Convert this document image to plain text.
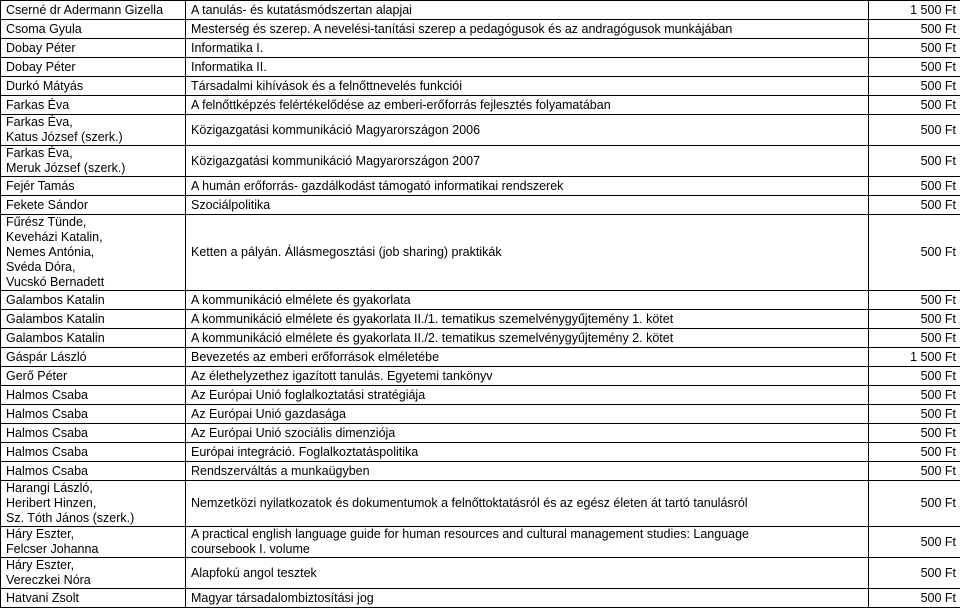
Cserné dr Adermann Gizella	A tanulás- és kutatásmódszertan alapjai	1 500 Ft
Csoma Gyula	Mesterség és szerep. A nevelési-tanítási szerep a pedagógusok és az andragógusok munkájában	500 Ft
Dobay Péter	Informatika I.	500 Ft
Dobay Péter	Informatika II.	500 Ft
Durkó Mátyás	Társadalmi kihívások és a felnőttnevelés funkciói	500 Ft
Farkas Éva	A felnőttképzés felértékelődése az emberi-erőforrás fejlesztés folyamatában	500 Ft
Farkas Éva,
Katus József (szerk.)	Közigazgatási kommunikáció Magyarországon 2006	500 Ft
Farkas Éva,
Meruk József (szerk.)	Közigazgatási kommunikáció Magyarországon 2007	500 Ft
Fejér Tamás	A humán erőforrás- gazdálkodást támogató informatikai rendszerek	500 Ft
Fekete Sándor	Szociálpolitika	500 Ft
Fűrész Tünde,
Keveházi Katalin,
Nemes Antónia,
Svéda Dóra,
Vucskó Bernadett	Ketten a pályán. Állásmegosztási (job sharing) praktikák	500 Ft
Galambos Katalin	A kommunikáció elmélete és gyakorlata	500 Ft
Galambos Katalin	A kommunikáció elmélete és gyakorlata II./1. tematikus szemelvénygyűjtemény 1. kötet	500 Ft
Galambos Katalin	A kommunikáció elmélete és gyakorlata II./2. tematikus szemelvénygyűjtemény 2. kötet	500 Ft
Gáspár László	Bevezetés az emberi erőforrások elméletébe	1 500 Ft
Gerő Péter	Az élethelyzethez igazított tanulás. Egyetemi tankönyv	500 Ft
Halmos Csaba	Az Európai Unió foglalkoztatási stratégiája	500 Ft
Halmos Csaba	Az Európai Unió gazdasága	500 Ft
Halmos Csaba	Az Európai Unió szociális dimenziója	500 Ft
Halmos Csaba	Európai integráció. Foglalkoztatáspolitika	500 Ft
Halmos Csaba	Rendszerváltás a munkaügyben	500 Ft
Harangi László,
Heribert Hinzen,
Sz. Tóth János (szerk.)	Nemzetközi nyilatkozatok és dokumentumok a felnőttoktatásról és az egész életen át tartó tanulásról	500 Ft
Háry Eszter,
Felcser Johanna	A practical english language guide for human resources and cultural management studies: Language
coursebook I. volume	500 Ft
Háry Eszter,
Vereczkei Nóra	Alapfokú angol tesztek	500 Ft
Hatvani Zsolt	Magyar társadalombiztosítási jog	500 Ft
